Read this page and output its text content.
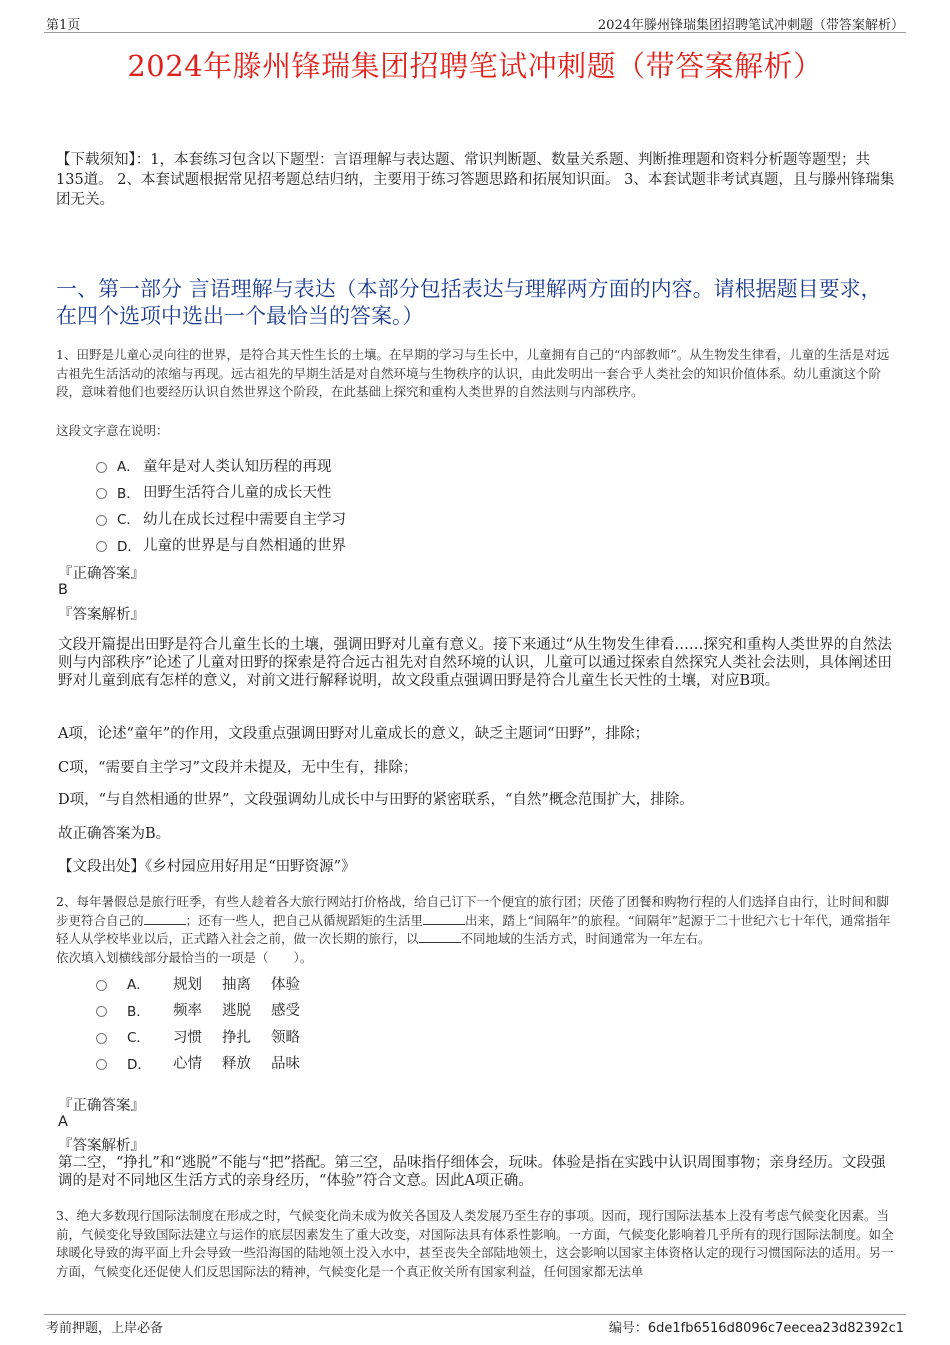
第1页	2024年滕州锋瑞集团招聘笔试冲刺题（带答案解析）
2024年滕州锋瑞集团招聘笔试冲刺题（带答案解析）
【下载须知】：1，本套练习包含以下题型：言语理解与表达题、常识判断题、数量关系题、判断推理题和资料分析题等题型；共135道。 2、本套试题根据常见招考题总结归纳，主要用于练习答题思路和拓展知识面。 3、本套试题非考试真题，且与滕州锋瑞集团无关。
一、第一部分 言语理解与表达（本部分包括表达与理解两方面的内容。请根据题目要求，在四个选项中选出一个最恰当的答案。）
1、田野是儿童心灵向往的世界，是符合其天性生长的土壤。在早期的学习与生长中，儿童拥有自己的“内部教师”。从生物发生律看，儿童的生活是对远古祖先生活活动的浓缩与再现。远古祖先的早期生活是对自然环境与生物秩序的认识，由此发明出一套合乎人类社会的知识价值体系。幼儿重演这个阶段，意味着他们也要经历认识自然世界这个阶段，在此基础上探究和重构人类世界的自然法则与内部秩序。
这段文字意在说明：
A． 童年是对人类认知历程的再现
B． 田野生活符合儿童的成长天性
C． 幼儿在成长过程中需要自主学习
D． 儿童的世界是与自然相通的世界
『正确答案』
B
『答案解析』
文段开篇提出田野是符合儿童生长的土壤，强调田野对儿童有意义。接下来通过“从生物发生律看……探究和重构人类世界的自然法则与内部秩序”论述了儿童对田野的探索是符合远古祖先对自然环境的认识，儿童可以通过探索自然探究人类社会法则，具体阐述田野对儿童到底有怎样的意义，对前文进行解释说明，故文段重点强调田野是符合儿童生长天性的土壤，对应B项。
A项，论述“童年”的作用，文段重点强调田野对儿童成长的意义，缺乏主题词“田野”，排除；
C项，“需要自主学习”文段并未提及，无中生有，排除；
D项，“与自然相通的世界”，文段强调幼儿成长中与田野的紧密联系，“自然”概念范围扩大，排除。
故正确答案为B。
【文段出处】《乡村园应用好用足“田野资源”》
2、每年暑假总是旅行旺季，有些人趁着各大旅行网站打价格战，给自己订下一个便宜的旅行团；厌倦了团餐和购物行程的人们选择自由行，让时间和脚步更符合自己的	；还有一些人，把自己从循规蹈矩的生活里	出来，踏上“间隔年”的旅程。“间隔年”起源于二十世纪六七十年代，通常指年轻人从学校毕业以后，正式踏入社会之前，做一次长期的旅行，以	不同地域的生活方式，时间通常为一年左右。
依次填入划横线部分最恰当的一项是（　　）。
A． 规划 抽离 体验
B． 频率 逃脱 感受
C． 习惯 挣扎 领略
D． 心情 释放 品味
『正确答案』
A
『答案解析』
第二空，“挣扎”和“逃脱”不能与“把”搭配。第三空，品味指仔细体会，玩味。体验是指在实践中认识周围事物；亲身经历。文段强调的是对不同地区生活方式的亲身经历，“体验”符合文意。因此A项正确。
3、绝大多数现行国际法制度在形成之时，气候变化尚未成为攸关各国及人类发展乃至生存的事项。因而，现行国际法基本上没有考虑气候变化因素。当前，气候变化导致国际法建立与运作的底层因素发生了重大改变，对国际法具有体系性影响。一方面，气候变化影响着几乎所有的现行国际法制度。如全球暖化导致的海平面上升会导致一些沿海国的陆地领土没入水中，甚至丧失全部陆地领土，这会影响以国家主体资格认定的现行习惯国际法的适用。另一方面，气候变化还促使人们反思国际法的精神，气候变化是一个真正攸关所有国家利益，任何国家都无法单
考前押题，上岸必备	编号：6de1fb6516d8096c7eecea23d82392c1
